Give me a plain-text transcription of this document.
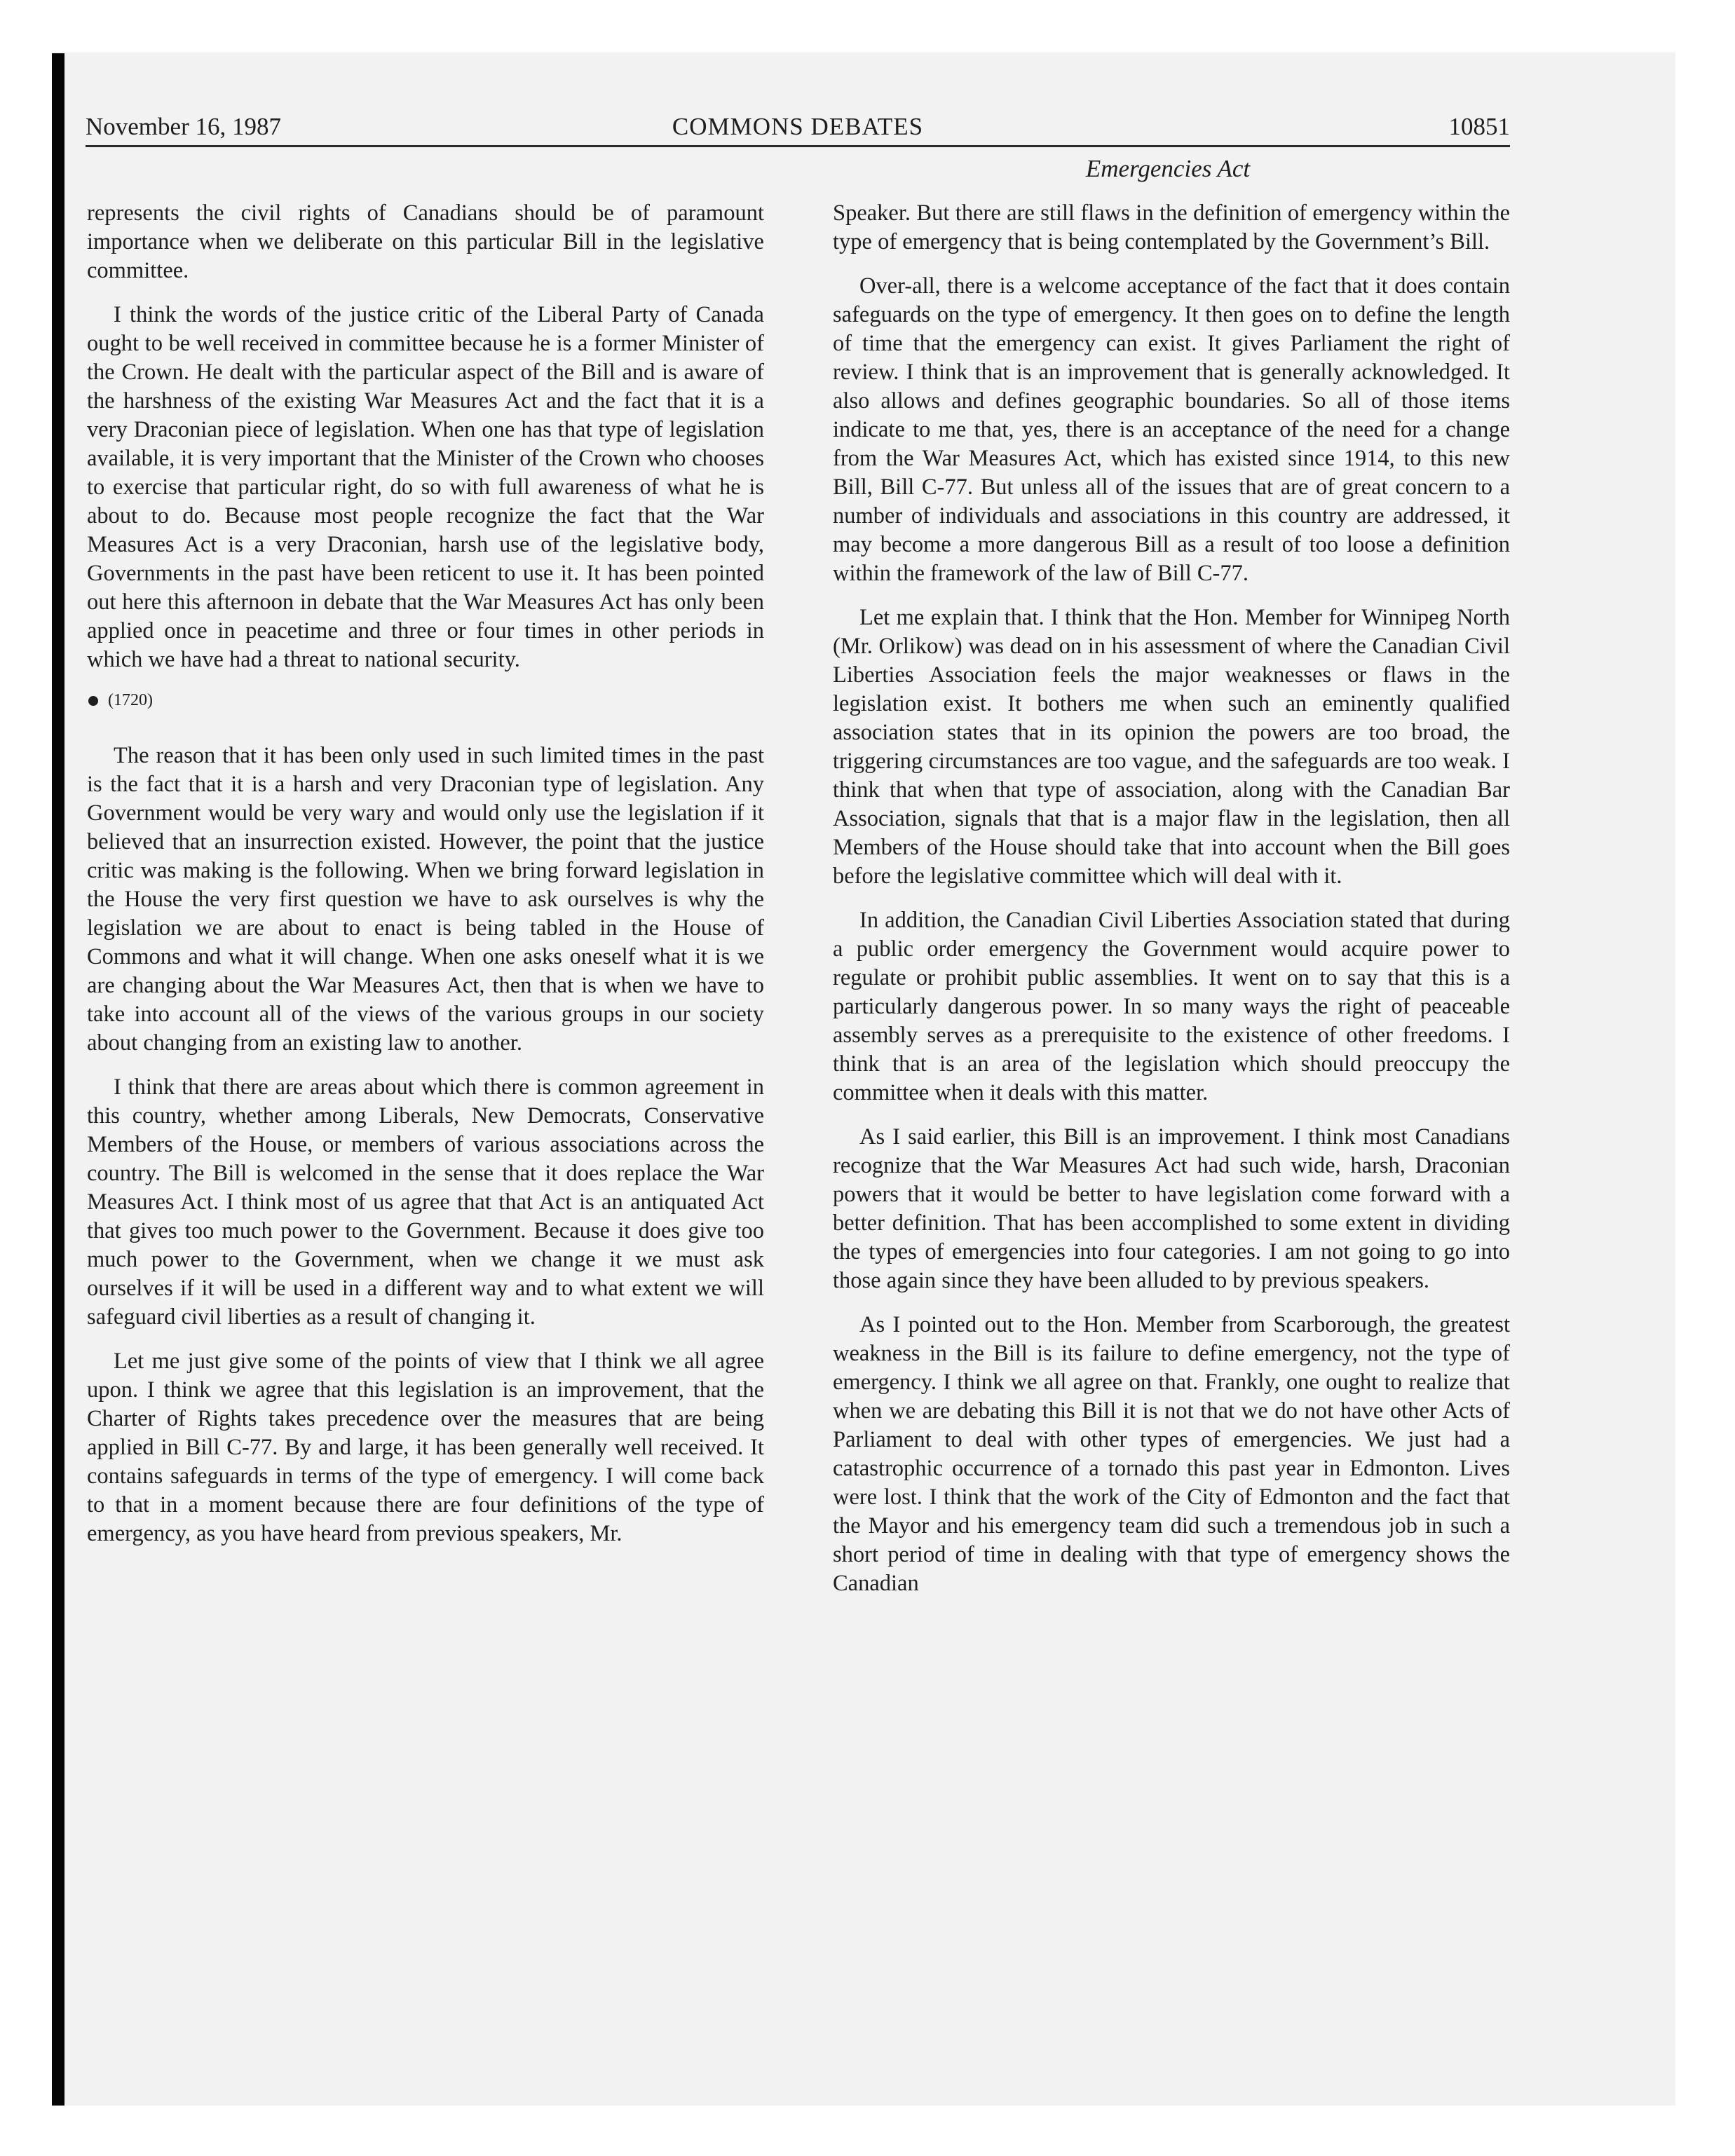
November 16, 1987	COMMONS DEBATES	10851
Emergencies Act

represents the civil rights of Canadians should be of paramount importance when we deliberate on this particular Bill in the legislative committee.

I think the words of the justice critic of the Liberal Party of Canada ought to be well received in committee because he is a former Minister of the Crown. He dealt with the particular aspect of the Bill and is aware of the harshness of the existing War Measures Act and the fact that it is a very Draconian piece of legislation. When one has that type of legislation available, it is very important that the Minister of the Crown who chooses to exercise that particular right, do so with full awareness of what he is about to do. Because most people recognize the fact that the War Measures Act is a very Draconian, harsh use of the legislative body, Governments in the past have been reticent to use it. It has been pointed out here this afternoon in debate that the War Measures Act has only been applied once in peacetime and three or four times in other periods in which we have had a threat to national security.

(1720)

The reason that it has been only used in such limited times in the past is the fact that it is a harsh and very Draconian type of legislation. Any Government would be very wary and would only use the legislation if it believed that an insurrection existed. However, the point that the justice critic was making is the following. When we bring forward legislation in the House the very first question we have to ask ourselves is why the legislation we are about to enact is being tabled in the House of Commons and what it will change. When one asks oneself what it is we are changing about the War Measures Act, then that is when we have to take into account all of the views of the various groups in our society about changing from an existing law to another.

I think that there are areas about which there is common agreement in this country, whether among Liberals, New Democrats, Conservative Members of the House, or members of various associations across the country. The Bill is welcomed in the sense that it does replace the War Measures Act. I think most of us agree that that Act is an antiquated Act that gives too much power to the Government. Because it does give too much power to the Government, when we change it we must ask ourselves if it will be used in a different way and to what extent we will safeguard civil liberties as a result of changing it.

Let me just give some of the points of view that I think we all agree upon. I think we agree that this legislation is an improvement, that the Charter of Rights takes precedence over the measures that are being applied in Bill C-77. By and large, it has been generally well received. It contains safeguards in terms of the type of emergency. I will come back to that in a moment because there are four definitions of the type of emergency, as you have heard from previous speakers, Mr.

Speaker. But there are still flaws in the definition of emergency within the type of emergency that is being contemplated by the Government’s Bill.

Over-all, there is a welcome acceptance of the fact that it does contain safeguards on the type of emergency. It then goes on to define the length of time that the emergency can exist. It gives Parliament the right of review. I think that is an improvement that is generally acknowledged. It also allows and defines geographic boundaries. So all of those items indicate to me that, yes, there is an acceptance of the need for a change from the War Measures Act, which has existed since 1914, to this new Bill, Bill C-77. But unless all of the issues that are of great concern to a number of individuals and associations in this country are addressed, it may become a more dangerous Bill as a result of too loose a definition within the framework of the law of Bill C-77.

Let me explain that. I think that the Hon. Member for Winnipeg North (Mr. Orlikow) was dead on in his assessment of where the Canadian Civil Liberties Association feels the major weaknesses or flaws in the legislation exist. It bothers me when such an eminently qualified association states that in its opinion the powers are too broad, the triggering circumstances are too vague, and the safeguards are too weak. I think that when that type of association, along with the Canadian Bar Association, signals that that is a major flaw in the legislation, then all Members of the House should take that into account when the Bill goes before the legislative committee which will deal with it.

In addition, the Canadian Civil Liberties Association stated that during a public order emergency the Government would acquire power to regulate or prohibit public assemblies. It went on to say that this is a particularly dangerous power. In so many ways the right of peaceable assembly serves as a prerequisite to the existence of other freedoms. I think that is an area of the legislation which should preoccupy the committee when it deals with this matter.

As I said earlier, this Bill is an improvement. I think most Canadians recognize that the War Measures Act had such wide, harsh, Draconian powers that it would be better to have legislation come forward with a better definition. That has been accomplished to some extent in dividing the types of emergencies into four categories. I am not going to go into those again since they have been alluded to by previous speakers.

As I pointed out to the Hon. Member from Scarborough, the greatest weakness in the Bill is its failure to define emergency, not the type of emergency. I think we all agree on that. Frankly, one ought to realize that when we are debating this Bill it is not that we do not have other Acts of Parliament to deal with other types of emergencies. We just had a catastrophic occurrence of a tornado this past year in Edmonton. Lives were lost. I think that the work of the City of Edmonton and the fact that the Mayor and his emergency team did such a tremendous job in such a short period of time in dealing with that type of emergency shows the Canadian
